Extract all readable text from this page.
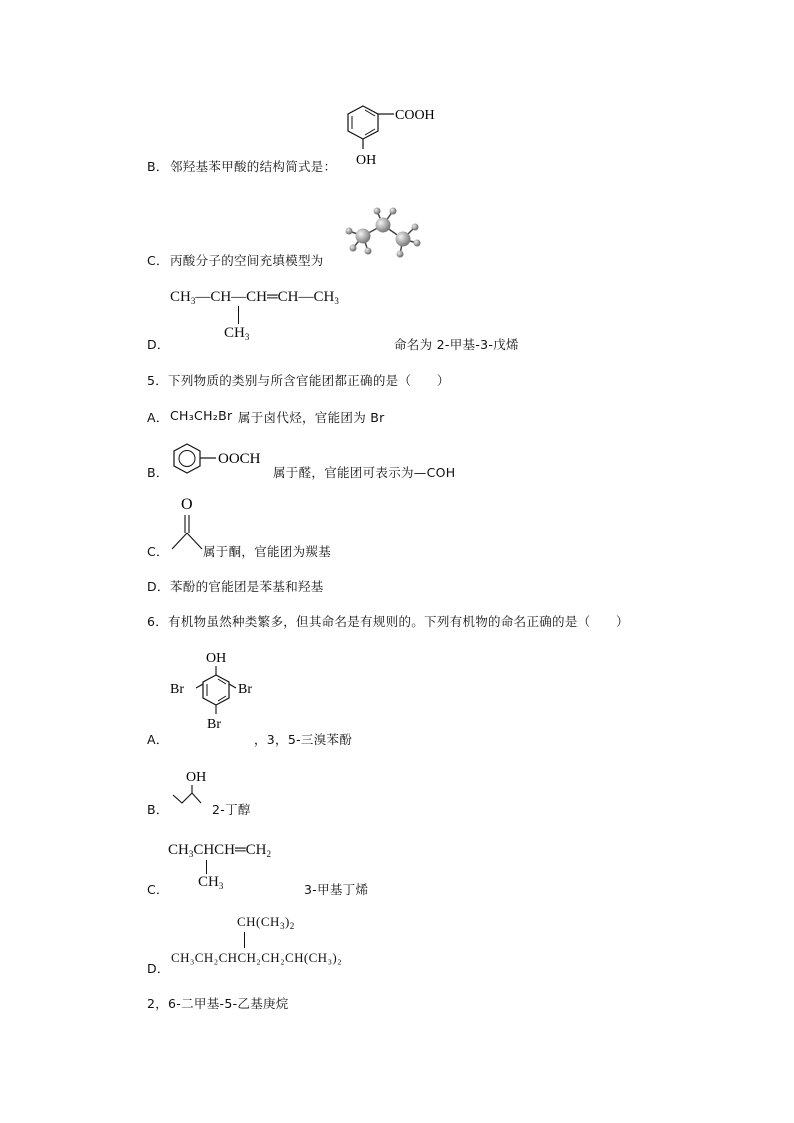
B． 邻羟基苯甲酸的结构简式是：
COOH
OH
C． 丙酸分子的空间充填模型为
$CH_3—CH—CH═CH—CH_3$
$CH_3$
D．	命名为 2-甲基-3-戊烯
5．下列物质的类别与所含官能团都正确的是（　　）
A． CH₃CH₂Br 属于卤代烃，官能团为 Br
B．
OOCH
属于醛，官能团可表示为—COH
C．
O
属于酮，官能团为羰基
D． 苯酚的官能团是苯基和羟基
6．有机物虽然种类繁多，但其命名是有规则的。下列有机物的命名正确的是（　　）
OH
Br	Br
Br
A．	，3，5-三溴苯酚
OH
B．	2-丁醇
$CH_3CHCH═CH_2$
$CH_3$
C．	3-甲基丁烯
$CH(CH_3)_2$
CH₃CH₂CHCH₂CH₂CH(CH₃)₂
D．
2，6-二甲基-5-乙基庚烷
